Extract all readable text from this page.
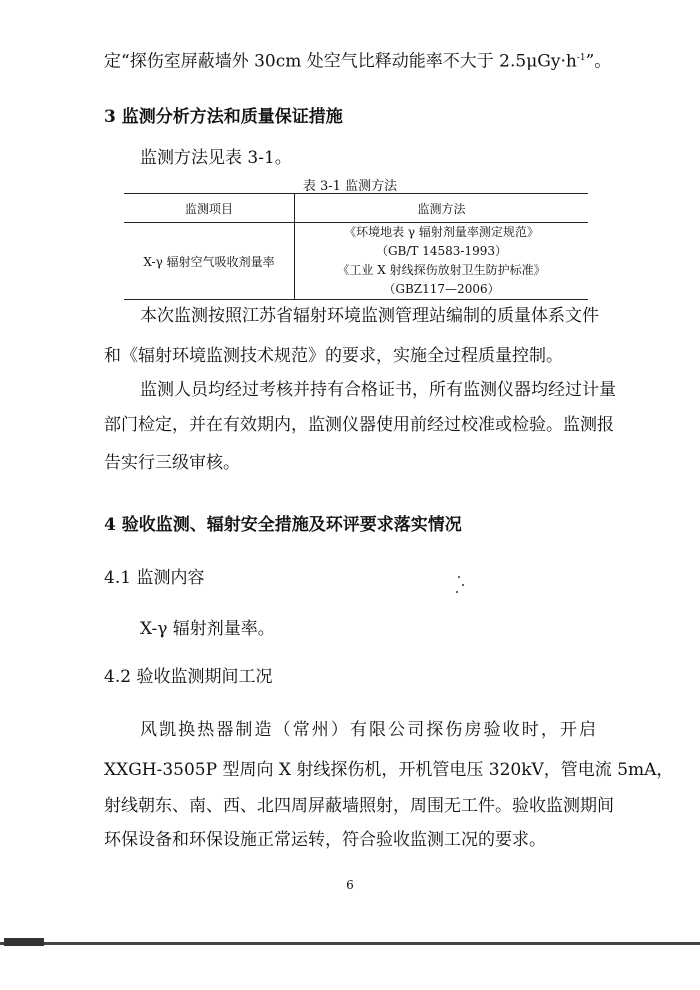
定“探伤室屏蔽墙外 30cm 处空气比释动能率不大于 $2.5\mu Gy\cdot h^{-1}$”。
3 监测分析方法和质量保证措施
监测方法见表 3-1。
表 3-1 监测方法
监测项目	监测方法
X-γ 辐射空气吸收剂量率	《环境地表 γ 辐射剂量率测定规范》
（GB/T 14583-1993）
《工业 X 射线探伤放射卫生防护标准》
（GBZ117—2006）
本次监测按照江苏省辐射环境监测管理站编制的质量体系文件
和《辐射环境监测技术规范》的要求，实施全过程质量控制。
监测人员均经过考核并持有合格证书，所有监测仪器均经过计量
部门检定，并在有效期内，监测仪器使用前经过校准或检验。监测报
告实行三级审核。
4 验收监测、辐射安全措施及环评要求落实情况
4.1 监测内容
X-γ 辐射剂量率。
4.2 验收监测期间工况
风凯换热器制造（常州）有限公司探伤房验收时，开启
XXGH-3505P 型周向 X 射线探伤机，开机管电压 320kV，管电流 5mA，
射线朝东、南、西、北四周屏蔽墙照射，周围无工件。验收监测期间
环保设备和环保设施正常运转，符合验收监测工况的要求。
6
